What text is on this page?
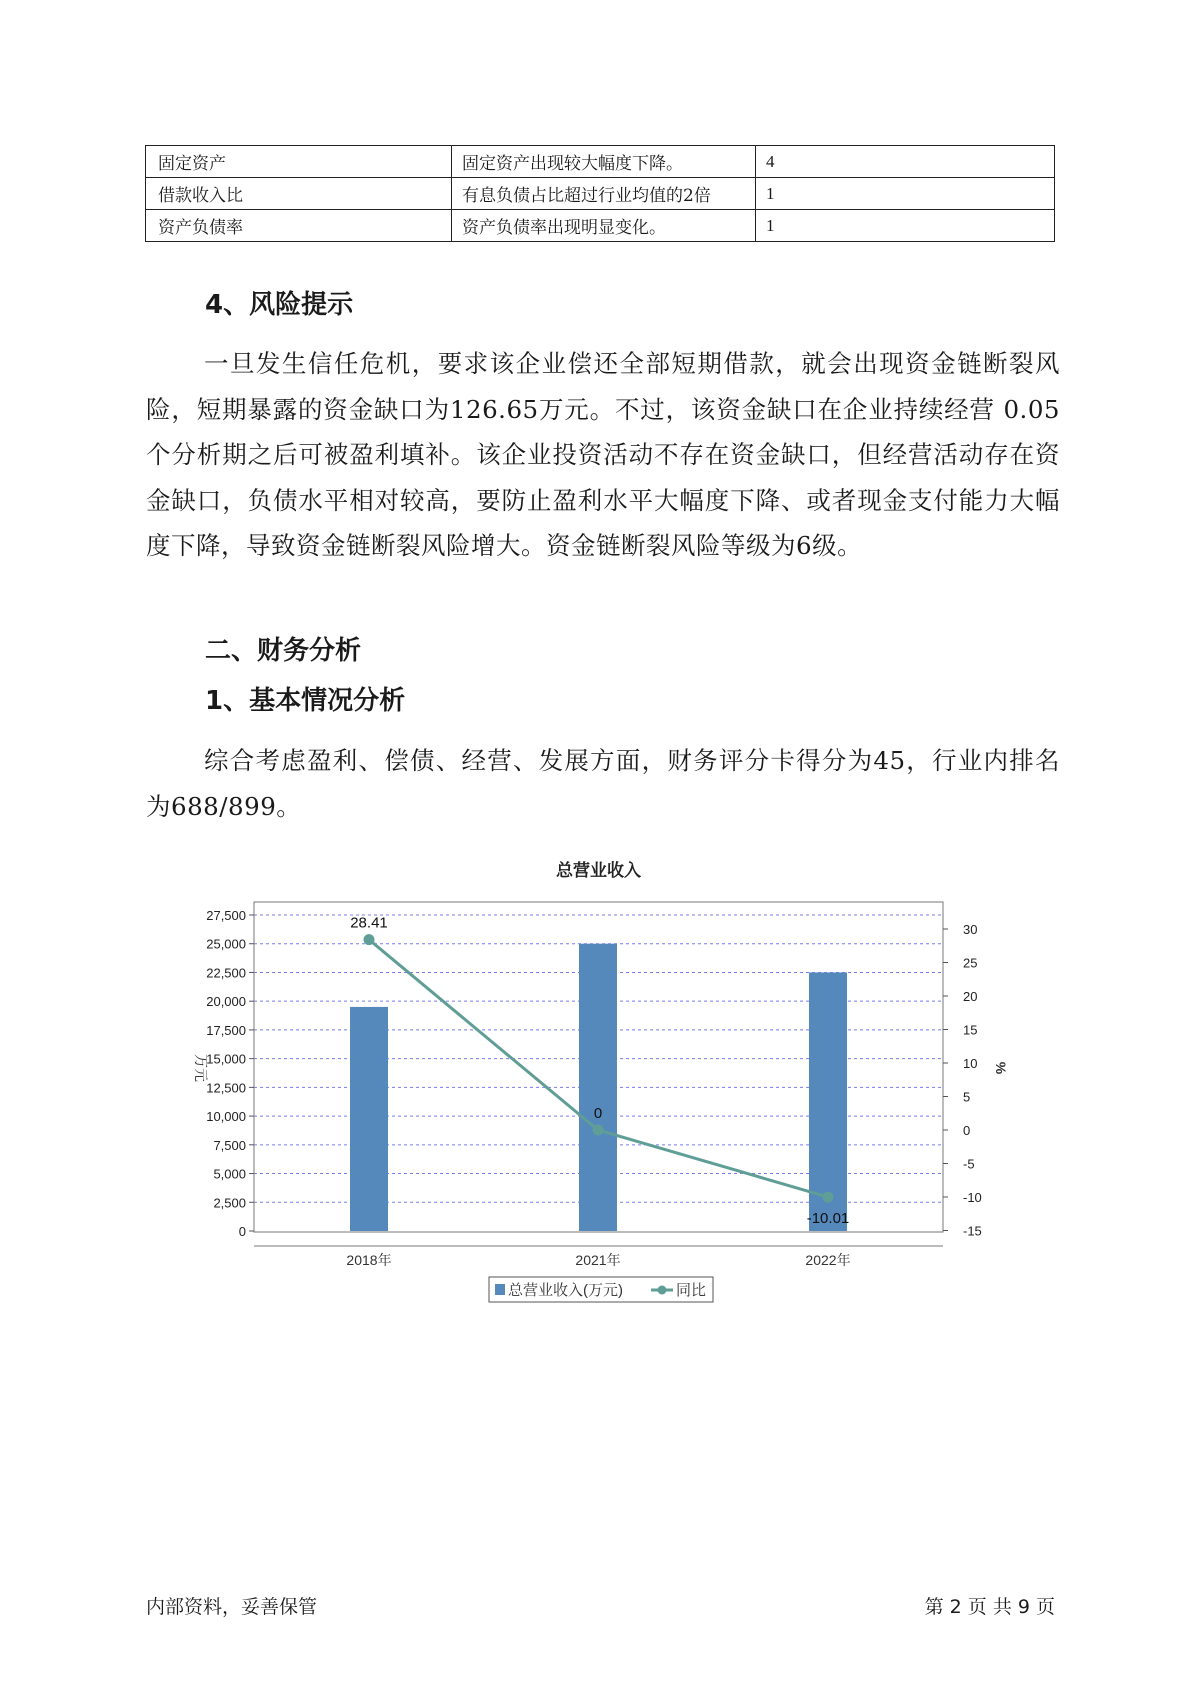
固定资产	固定资产出现较大幅度下降。	4
借款收入比	有息负债占比超过行业均值的2倍	1
资产负债率	资产负债率出现明显变化。	1
4、风险提示

一旦发生信任危机，要求该企业偿还全部短期借款，就会出现资金链断裂风险，短期暴露的资金缺口为126.65万元。不过，该资金缺口在企业持续经营 0.05个分析期之后可被盈利填补。该企业投资活动不存在资金缺口，但经营活动存在资金缺口，负债水平相对较高，要防止盈利水平大幅度下降、或者现金支付能力大幅度下降，导致资金链断裂风险增大。资金链断裂风险等级为6级。

二、财务分析
1、基本情况分析

综合考虑盈利、偿债、经营、发展方面，财务评分卡得分为45，行业内排名为688/899。

总营业收入
0
2,500
5,000
7,500
10,000
12,500
15,000
17,500
20,000
22,500
25,000
27,500
-15
-10
-5
0
5
10
15
20
25
30
2018年	2021年	2022年
28.41
0
-10.01
万元	%
总营业收入(万元)	同比
内部资料，妥善保管	第 2 页 共 9 页
